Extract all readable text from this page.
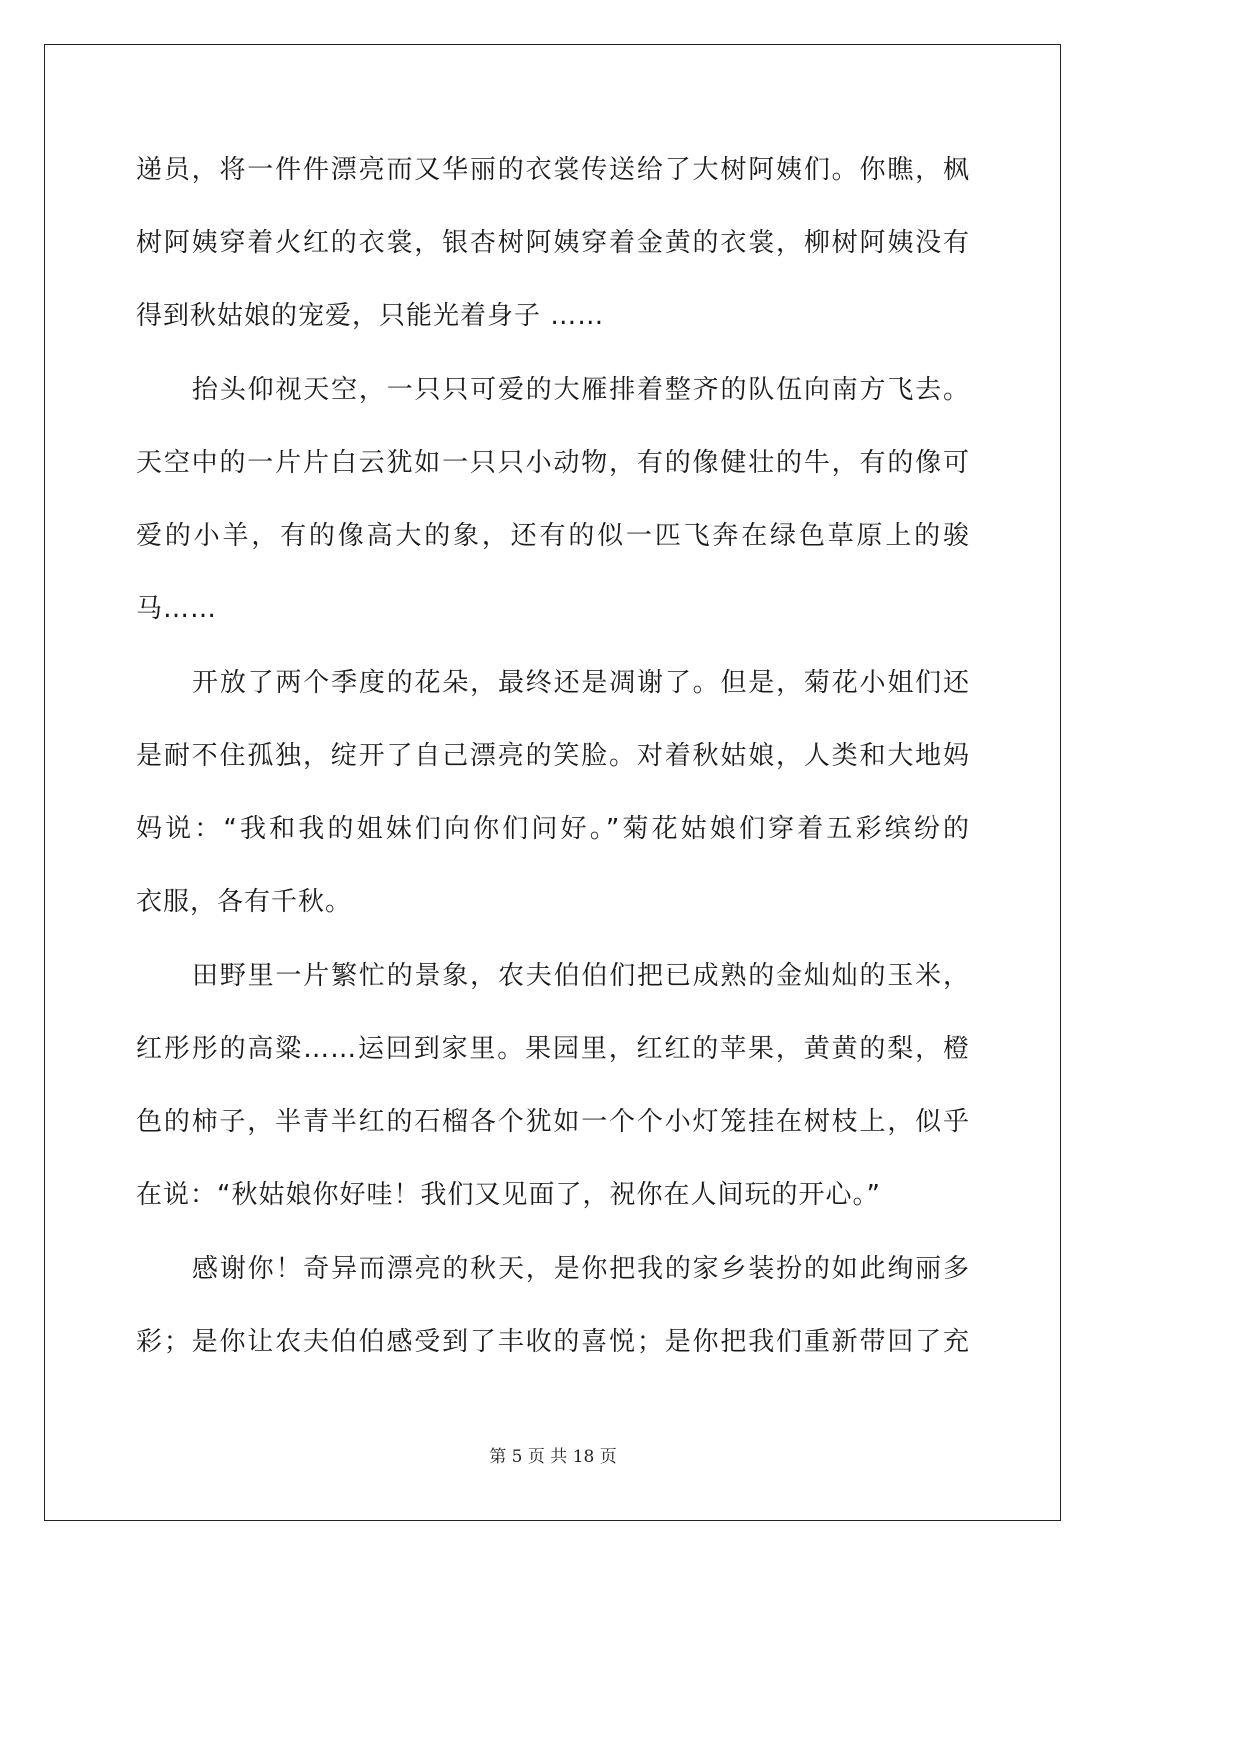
递员，将一件件漂亮而又华丽的衣裳传送给了大树阿姨们。你瞧，枫
树阿姨穿着火红的衣裳，银杏树阿姨穿着金黄的衣裳，柳树阿姨没有
得到秋姑娘的宠爱，只能光着身子 ……
抬头仰视天空，一只只可爱的大雁排着整齐的队伍向南方飞去。
天空中的一片片白云犹如一只只小动物，有的像健壮的牛，有的像可
爱的小羊，有的像高大的象，还有的似一匹飞奔在绿色草原上的骏
马……
开放了两个季度的花朵，最终还是凋谢了。但是，菊花小姐们还
是耐不住孤独，绽开了自己漂亮的笑脸。对着秋姑娘，人类和大地妈
妈说：“我和我的姐妹们向你们问好。”菊花姑娘们穿着五彩缤纷的
衣服，各有千秋。
田野里一片繁忙的景象，农夫伯伯们把已成熟的金灿灿的玉米，
红彤彤的高粱……运回到家里。果园里，红红的苹果，黄黄的梨，橙
色的柿子，半青半红的石榴各个犹如一个个小灯笼挂在树枝上，似乎
在说：“秋姑娘你好哇！我们又见面了，祝你在人间玩的开心。”
感谢你！奇异而漂亮的秋天，是你把我的家乡装扮的如此绚丽多
彩；是你让农夫伯伯感受到了丰收的喜悦；是你把我们重新带回了充
第 5 页 共 18 页
